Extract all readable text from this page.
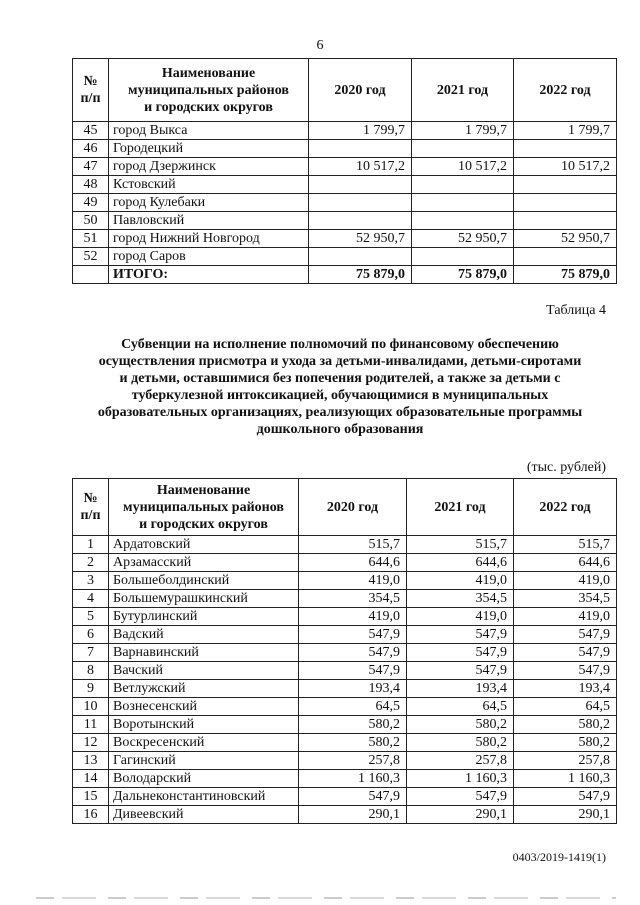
6
№
п/п	Наименование
муниципальных районов
и городских округов	2020 год	2021 год	2022 год
45	город Выкса	1 799,7	1 799,7	1 799,7
46	Городецкий			
47	город Дзержинск	10 517,2	10 517,2	10 517,2
48	Кстовский			
49	город Кулебаки			
50	Павловский			
51	город Нижний Новгород	52 950,7	52 950,7	52 950,7
52	город Саров			
	ИТОГО:	75 879,0	75 879,0	75 879,0
Таблица 4
Субвенции на исполнение полномочий по финансовому обеспечению
осуществления присмотра и ухода за детьми-инвалидами, детьми-сиротами
и детьми, оставшимися без попечения родителей, а также за детьми с
туберкулезной интоксикацией, обучающимися в муниципальных
образовательных организациях, реализующих образовательные программы
дошкольного образования
(тыс. рублей)
№
п/п	Наименование
муниципальных районов
и городских округов	2020 год	2021 год	2022 год
1	Ардатовский	515,7	515,7	515,7
2	Арзамасский	644,6	644,6	644,6
3	Большеболдинский	419,0	419,0	419,0
4	Большемурашкинский	354,5	354,5	354,5
5	Бутурлинский	419,0	419,0	419,0
6	Вадский	547,9	547,9	547,9
7	Варнавинский	547,9	547,9	547,9
8	Вачский	547,9	547,9	547,9
9	Ветлужский	193,4	193,4	193,4
10	Вознесенский	64,5	64,5	64,5
11	Воротынский	580,2	580,2	580,2
12	Воскресенский	580,2	580,2	580,2
13	Гагинский	257,8	257,8	257,8
14	Володарский	1 160,3	1 160,3	1 160,3
15	Дальнеконстантиновский	547,9	547,9	547,9
16	Дивеевский	290,1	290,1	290,1
0403/2019-1419(1)
